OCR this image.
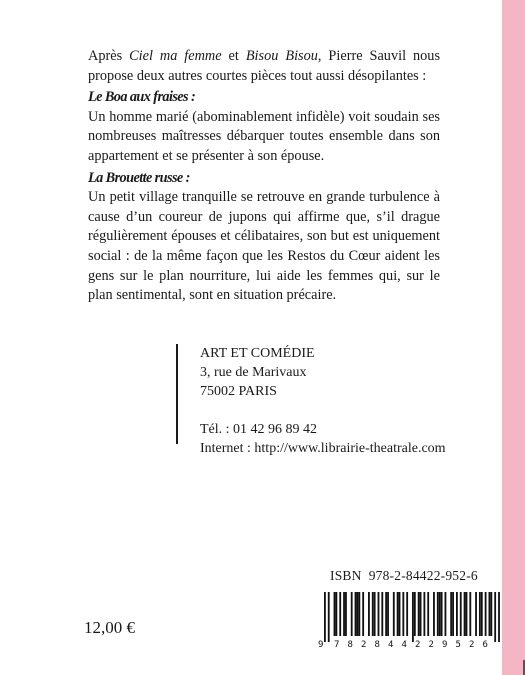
Après Ciel ma femme et Bisou Bisou, Pierre Sauvil nous propose deux autres courtes pièces tout aussi désopilantes :

Le Boa aux fraises :

Un homme marié (abominablement infidèle) voit soudain ses nombreuses maîtresses débarquer toutes ensemble dans son appartement et se présenter à son épouse.

La Brouette russe :

Un petit village tranquille se retrouve en grande turbulence à cause d’un coureur de jupons qui affirme que, s’il drague régulièrement épouses et célibataires, son but est uniquement social : de la même façon que les Restos du Cœur aident les gens sur le plan nourriture, lui aide les femmes qui, sur le plan sentimental, sont en situation précaire.

ART ET COMÉDIE
3, rue de Marivaux
75002 PARIS
Tél. : 01 42 96 89 42
Internet : http://www.librairie-theatrale.com
ISBN  978-2-84422-952-6
9 7 8 2 8 4 4 2 2 9 5 2 6
12,00 €
